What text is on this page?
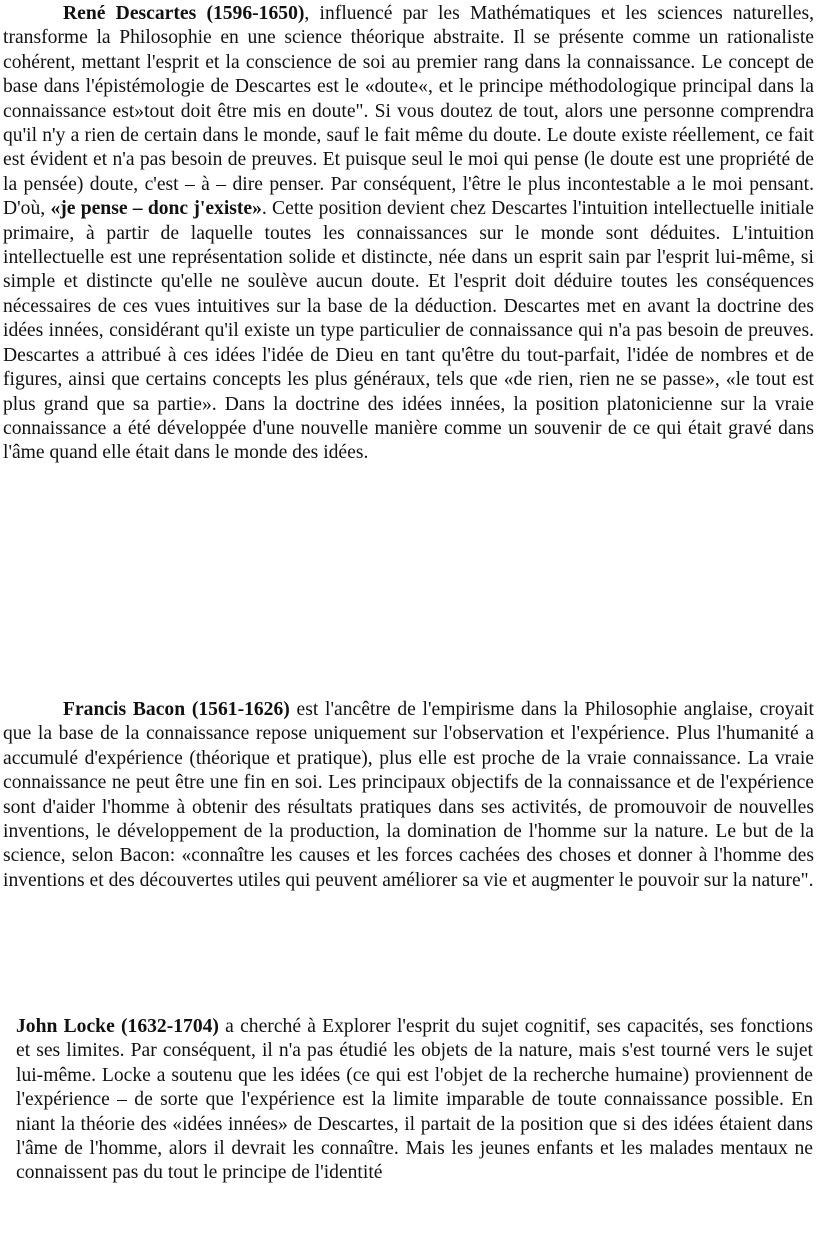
René Descartes (1596-1650), influencé par les Mathématiques et les sciences naturelles, transforme la Philosophie en une science théorique abstraite. Il se présente comme un rationaliste cohérent, mettant l'esprit et la conscience de soi au premier rang dans la connaissance. Le concept de base dans l'épistémologie de Descartes est le «doute«, et le principe méthodologique principal dans la connaissance est»tout doit être mis en doute". Si vous doutez de tout, alors une personne comprendra qu'il n'y a rien de certain dans le monde, sauf le fait même du doute. Le doute existe réellement, ce fait est évident et n'a pas besoin de preuves. Et puisque seul le moi qui pense (le doute est une propriété de la pensée) doute, c'est – à – dire penser. Par conséquent, l'être le plus incontestable a le moi pensant. D'où, «je pense – donc j'existe». Cette position devient chez Descartes l'intuition intellectuelle initiale primaire, à partir de laquelle toutes les connaissances sur le monde sont déduites. L'intuition intellectuelle est une représentation solide et distincte, née dans un esprit sain par l'esprit lui-même, si simple et distincte qu'elle ne soulève aucun doute. Et l'esprit doit déduire toutes les conséquences nécessaires de ces vues intuitives sur la base de la déduction. Descartes met en avant la doctrine des idées innées, considérant qu'il existe un type particulier de connaissance qui n'a pas besoin de preuves. Descartes a attribué à ces idées l'idée de Dieu en tant qu'être du tout-parfait, l'idée de nombres et de figures, ainsi que certains concepts les plus généraux, tels que «de rien, rien ne se passe», «le tout est plus grand que sa partie». Dans la doctrine des idées innées, la position platonicienne sur la vraie connaissance a été développée d'une nouvelle manière comme un souvenir de ce qui était gravé dans l'âme quand elle était dans le monde des idées.

Francis Bacon (1561-1626) est l'ancêtre de l'empirisme dans la Philosophie anglaise, croyait que la base de la connaissance repose uniquement sur l'observation et l'expérience. Plus l'humanité a accumulé d'expérience (théorique et pratique), plus elle est proche de la vraie connaissance. La vraie connaissance ne peut être une fin en soi. Les principaux objectifs de la connaissance et de l'expérience sont d'aider l'homme à obtenir des résultats pratiques dans ses activités, de promouvoir de nouvelles inventions, le développement de la production, la domination de l'homme sur la nature. Le but de la science, selon Bacon: «connaître les causes et les forces cachées des choses et donner à l'homme des inventions et des découvertes utiles qui peuvent améliorer sa vie et augmenter le pouvoir sur la nature".

John Locke (1632-1704) a cherché à Explorer l'esprit du sujet cognitif, ses capacités, ses fonctions et ses limites. Par conséquent, il n'a pas étudié les objets de la nature, mais s'est tourné vers le sujet lui-même. Locke a soutenu que les idées (ce qui est l'objet de la recherche humaine) proviennent de l'expérience – de sorte que l'expérience est la limite imparable de toute connaissance possible. En niant la théorie des «idées innées» de Descartes, il partait de la position que si des idées étaient dans l'âme de l'homme, alors il devrait les connaître. Mais les jeunes enfants et les malades mentaux ne connaissent pas du tout le principe de l'identité
